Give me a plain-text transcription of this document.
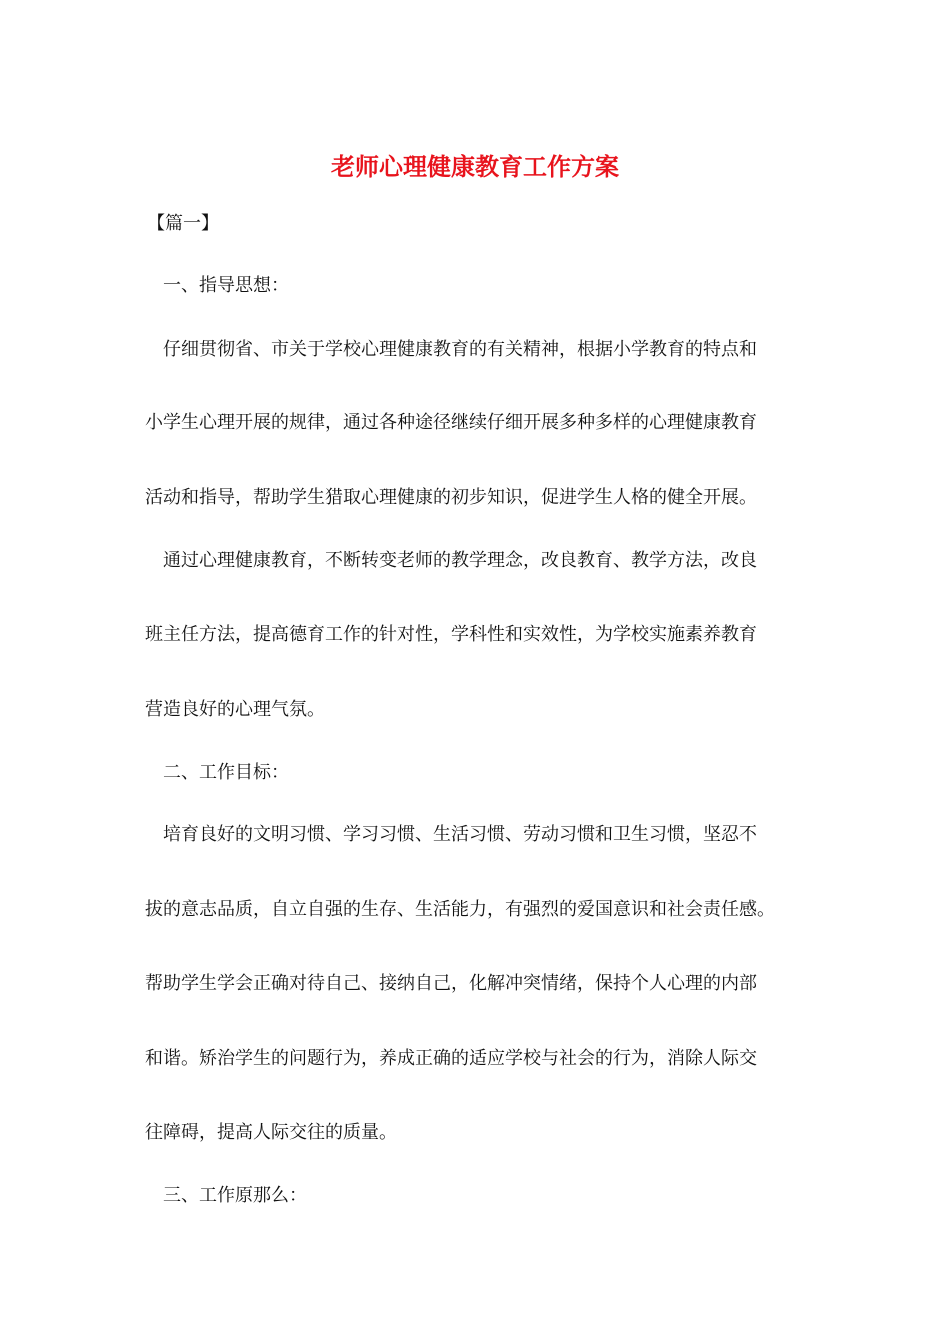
老师心理健康教育工作方案
【篇一】
一、指导思想：
仔细贯彻省、市关于学校心理健康教育的有关精神，根据小学教育的特点和
小学生心理开展的规律，通过各种途径继续仔细开展多种多样的心理健康教育
活动和指导，帮助学生猎取心理健康的初步知识，促进学生人格的健全开展。
通过心理健康教育，不断转变老师的教学理念，改良教育、教学方法，改良
班主任方法，提高德育工作的针对性，学科性和实效性，为学校实施素养教育
营造良好的心理气氛。
二、工作目标：
培育良好的文明习惯、学习习惯、生活习惯、劳动习惯和卫生习惯，坚忍不
拔的意志品质，自立自强的生存、生活能力，有强烈的爱国意识和社会责任感。
帮助学生学会正确对待自己、接纳自己，化解冲突情绪，保持个人心理的内部
和谐。矫治学生的问题行为，养成正确的适应学校与社会的行为，消除人际交
往障碍，提高人际交往的质量。
三、工作原那么：
